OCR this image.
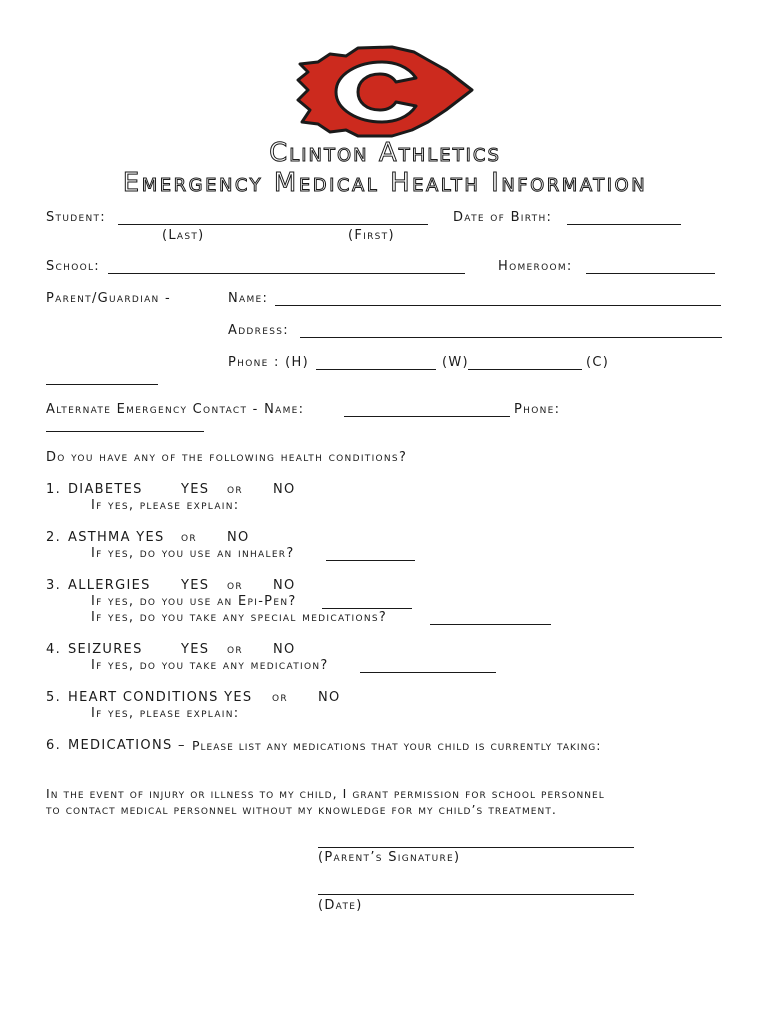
Clinton Athletics
Emergency Medical Health Information
Student:	Date of Birth:
(Last)	(First)
School:	Homeroom:
Parent/Guardian -	Name:
Address:
Phone : (H)	(W)	(C)
Alternate Emergency Contact - Name:	Phone:
Do you have any of the following health conditions?
1. DIABETES	YES or NO
If yes, please explain:
2. ASTHMA YES or NO
If yes, do you use an inhaler?
3. ALLERGIES YES or NO
If yes, do you use an Epi-Pen?
If yes, do you take any special medications?
4. SEIZURES	YES or NO
If yes, do you take any medication?
5. HEART CONDITIONS YES or NO
If yes, please explain:
6. MEDICATIONS – Please list any medications that your child is currently taking:
In the event of injury or illness to my child, I grant permission for school personnel
to contact medical personnel without my knowledge for my child’s treatment.
(Parent’s Signature)
(Date)
